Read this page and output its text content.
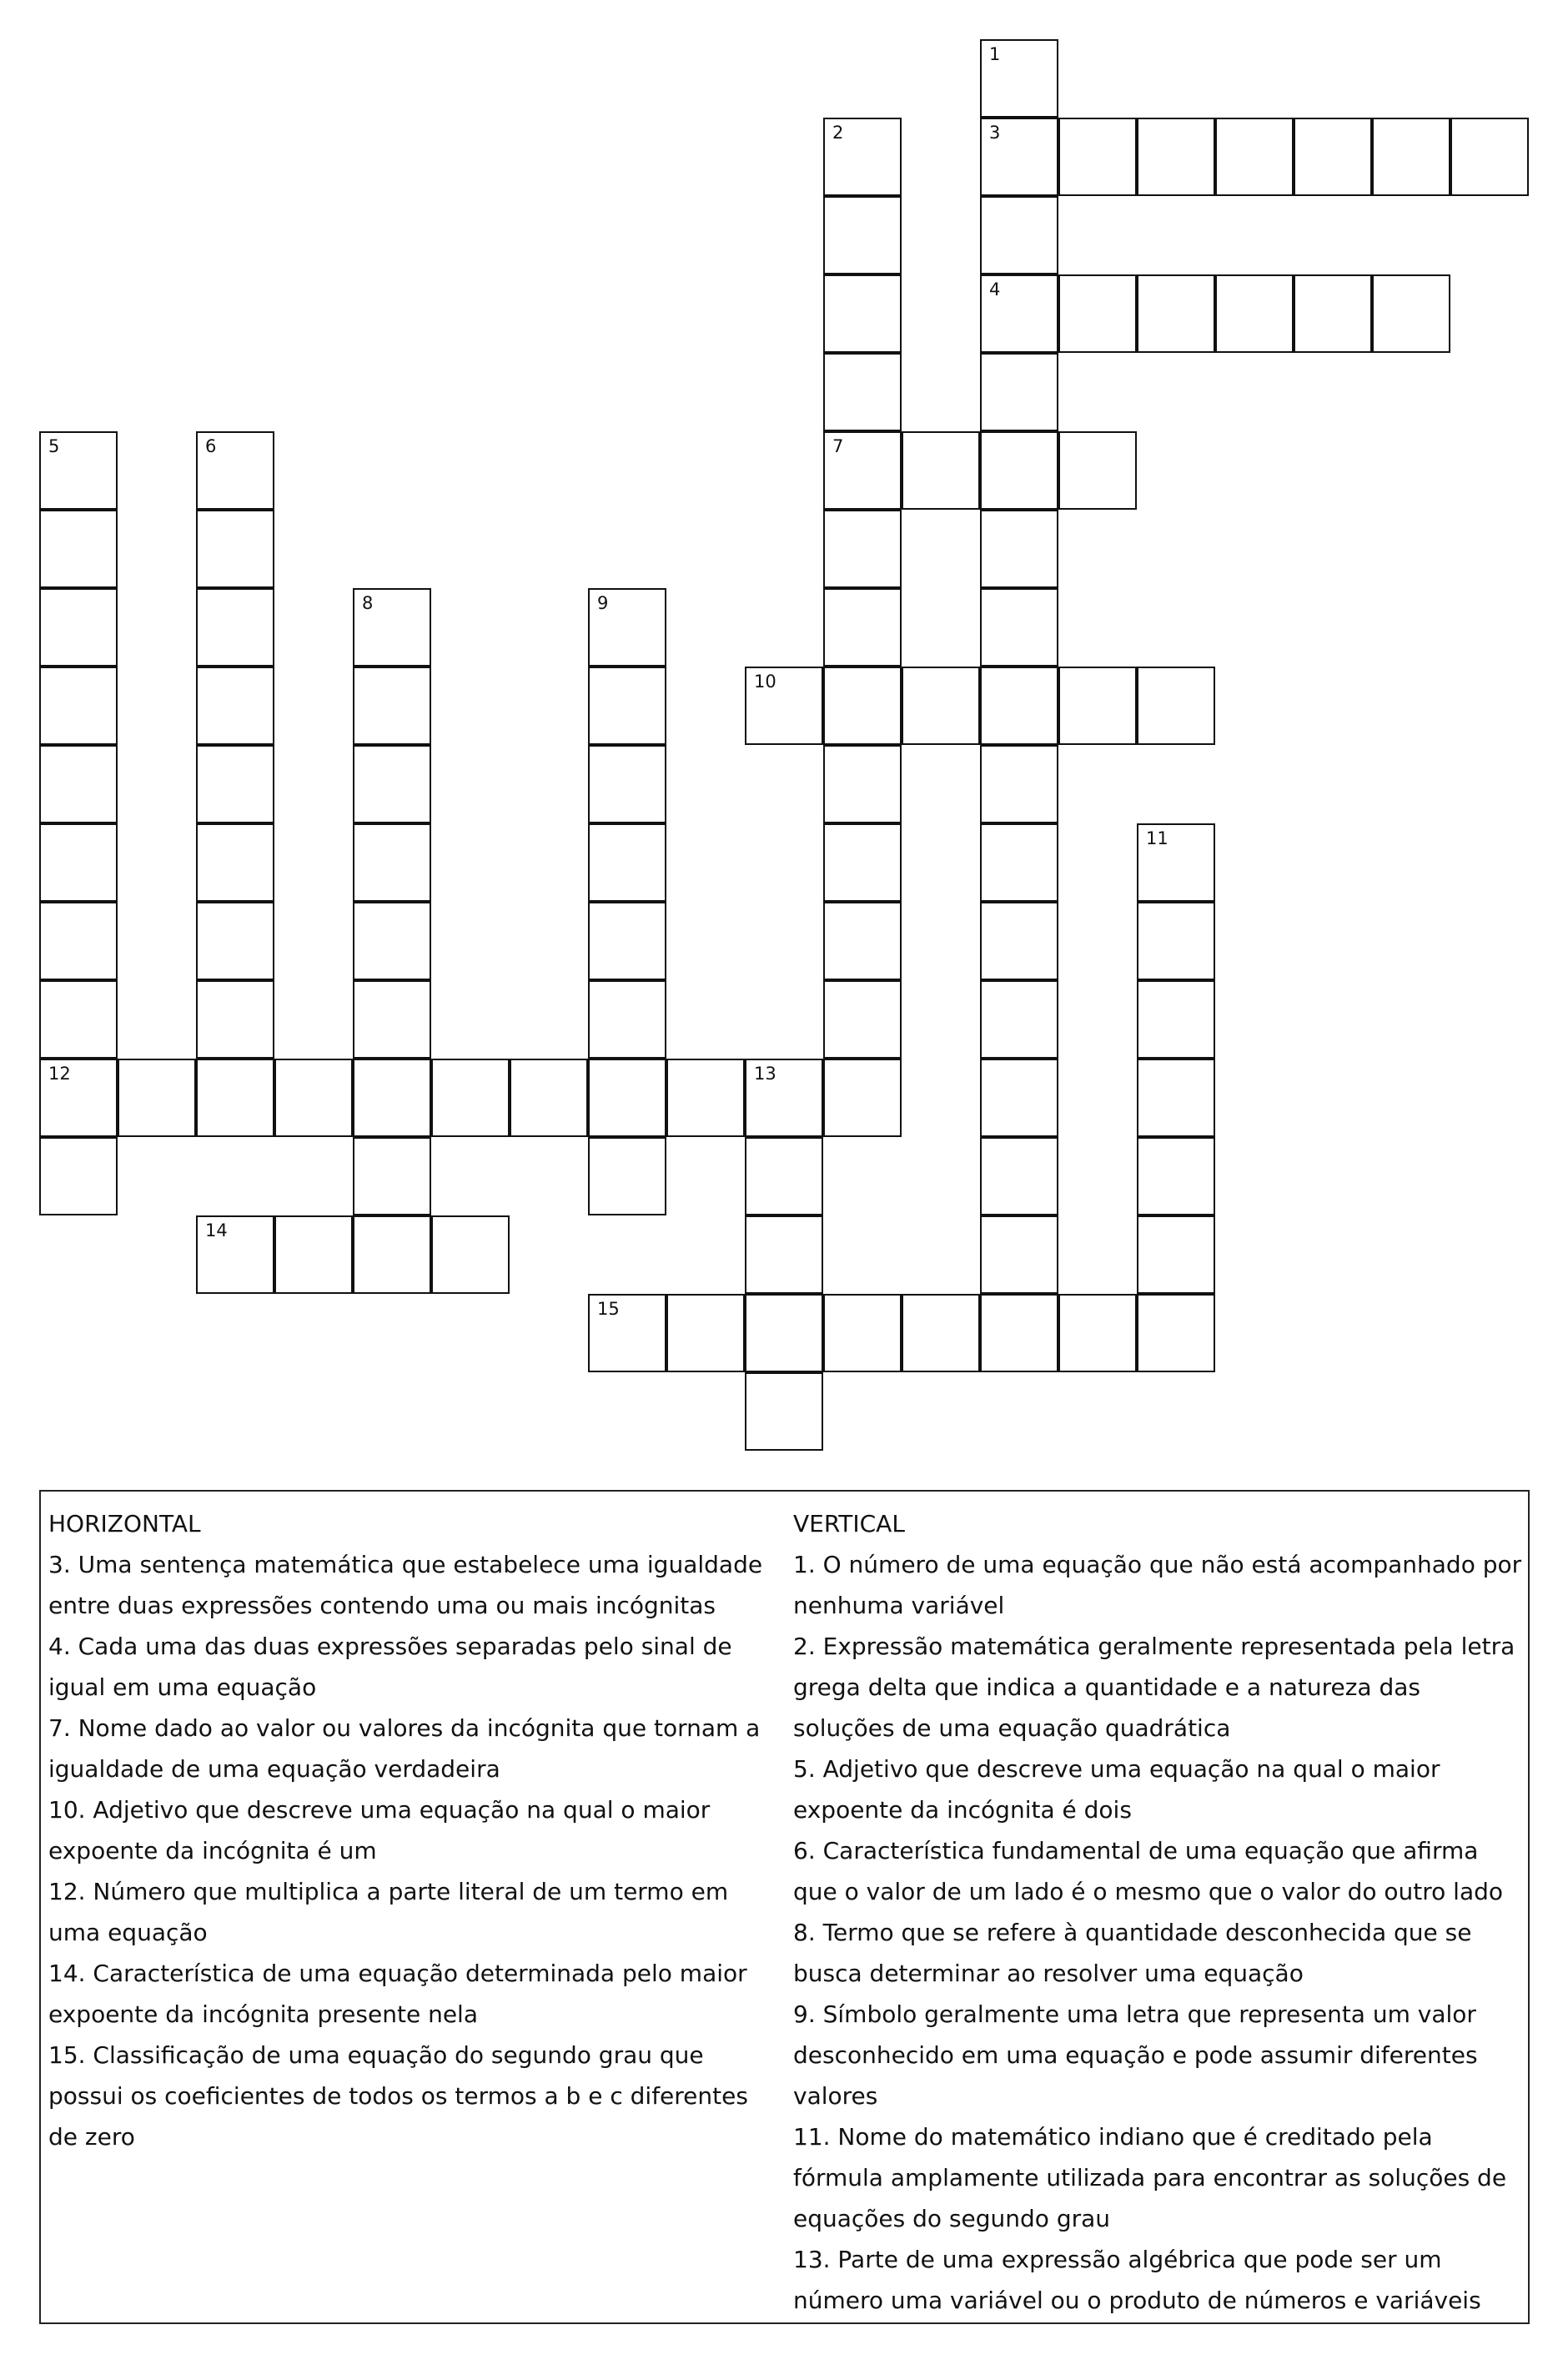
1
3
4
2
7
5
12
6
8	9
10
11
13
14
15
HORIZONTAL
3. Uma sentença matemática que estabelece uma igualdade entre duas expressões contendo uma ou mais incógnitas
4. Cada uma das duas expressões separadas pelo sinal de igual em uma equação
7. Nome dado ao valor ou valores da incógnita que tornam a igualdade de uma equação verdadeira
10. Adjetivo que descreve uma equação na qual o maior expoente da incógnita é um
12. Número que multiplica a parte literal de um termo em uma equação
14. Característica de uma equação determinada pelo maior expoente da incógnita presente nela
15. Classificação de uma equação do segundo grau que possui os coeficientes de todos os termos a b e c diferentes de zero
VERTICAL
1. O número de uma equação que não está acompanhado por nenhuma variável
2. Expressão matemática geralmente representada pela letra grega delta que indica a quantidade e a natureza das soluções de uma equação quadrática
5. Adjetivo que descreve uma equação na qual o maior expoente da incógnita é dois
6. Característica fundamental de uma equação que afirma que o valor de um lado é o mesmo que o valor do outro lado
8. Termo que se refere à quantidade desconhecida que se busca determinar ao resolver uma equação
9. Símbolo geralmente uma letra que representa um valor desconhecido em uma equação e pode assumir diferentes valores
11. Nome do matemático indiano que é creditado pela fórmula amplamente utilizada para encontrar as soluções de equações do segundo grau
13. Parte de uma expressão algébrica que pode ser um número uma variável ou o produto de números e variáveis
